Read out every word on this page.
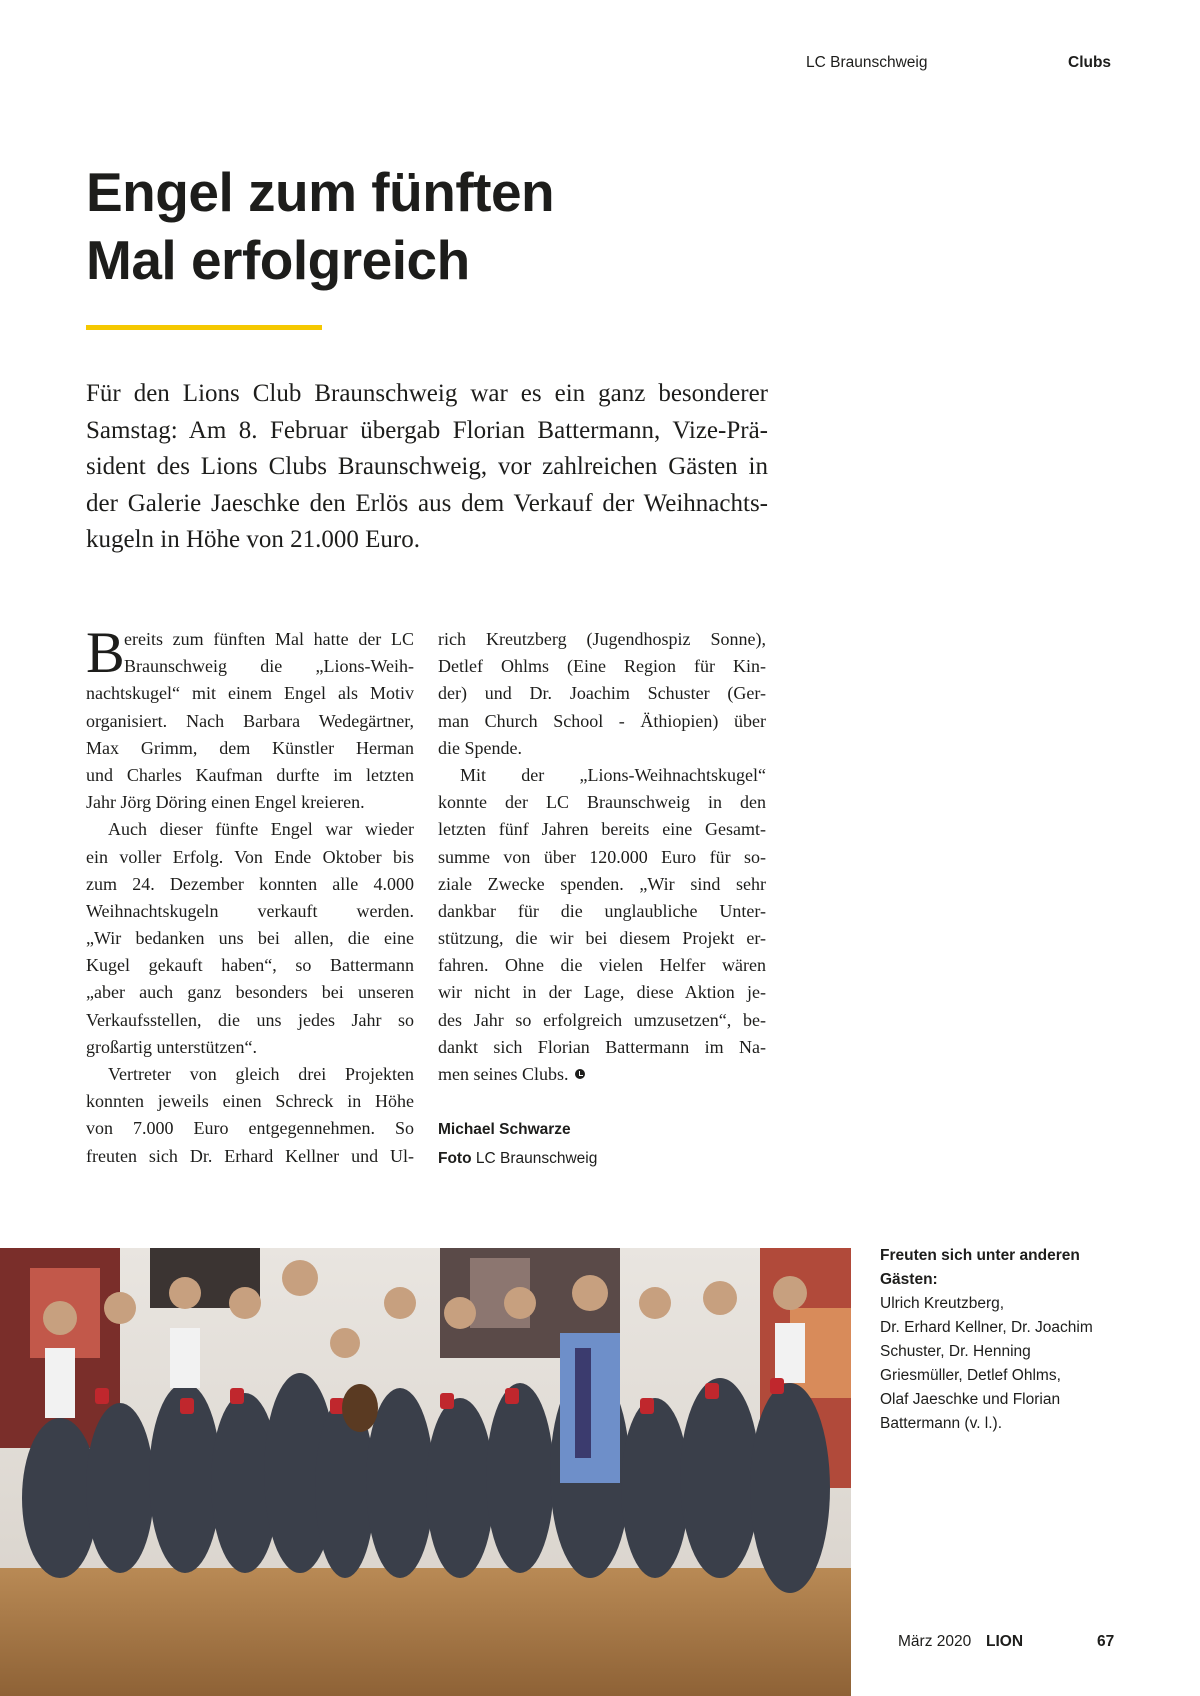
LC Braunschweig	Clubs
Engel zum fünften
Mal erfolgreich

Für den Lions Club Braunschweig war es ein ganz besonderer
Samstag: Am 8. Februar übergab Florian Battermann, Vize-Prä-
sident des Lions Clubs Braunschweig, vor zahlreichen Gästen in
der Galerie Jaeschke den Erlös aus dem Verkauf der Weihnachts-
kugeln in Höhe von 21.000 Euro.

B ereits zum fünften Mal hatte der LC
Braunschweig die „Lions-Weih-
nachtskugel“ mit einem Engel als Motiv
organisiert. Nach Barbara Wedegärtner,
Max Grimm, dem Künstler Herman
und Charles Kaufman durfte im letzten
Jahr Jörg Döring einen Engel kreieren.

Auch dieser fünfte Engel war wieder
ein voller Erfolg. Von Ende Oktober bis
zum 24. Dezember konnten alle 4.000
Weihnachtskugeln verkauft werden.
„Wir bedanken uns bei allen, die eine
Kugel gekauft haben“, so Battermann
„aber auch ganz besonders bei unseren
Verkaufsstellen, die uns jedes Jahr so
großartig unterstützen“.

Vertreter von gleich drei Projekten
konnten jeweils einen Schreck in Höhe
von 7.000 Euro entgegennehmen. So
freuten sich Dr. Erhard Kellner und Ul-

rich Kreutzberg (Jugendhospiz Sonne),
Detlef Ohlms (Eine Region für Kin-
der) und Dr. Joachim Schuster (Ger-
man Church School - Äthiopien) über
die Spende.

Mit der „Lions-Weihnachtskugel“
konnte der LC Braunschweig in den
letzten fünf Jahren bereits eine Gesamt-
summe von über 120.000 Euro für so-
ziale Zwecke spenden. „Wir sind sehr
dankbar für die unglaubliche Unter-
stützung, die wir bei diesem Projekt er-
fahren. Ohne die vielen Helfer wären
wir nicht in der Lage, diese Aktion je-
des Jahr so erfolgreich umzusetzen“, be-
dankt sich Florian Battermann im Na-
men seines Clubs.

Michael Schwarze
Foto LC Braunschweig
Freuten sich unter anderen
Gästen:
Ulrich Kreutzberg,
Dr. Erhard Kellner, Dr. Joachim
Schuster, Dr. Henning
Griesmüller, Detlef Ohlms,
Olaf Jaeschke und Florian
Battermann (v. l.).
März 2020 LION	67
